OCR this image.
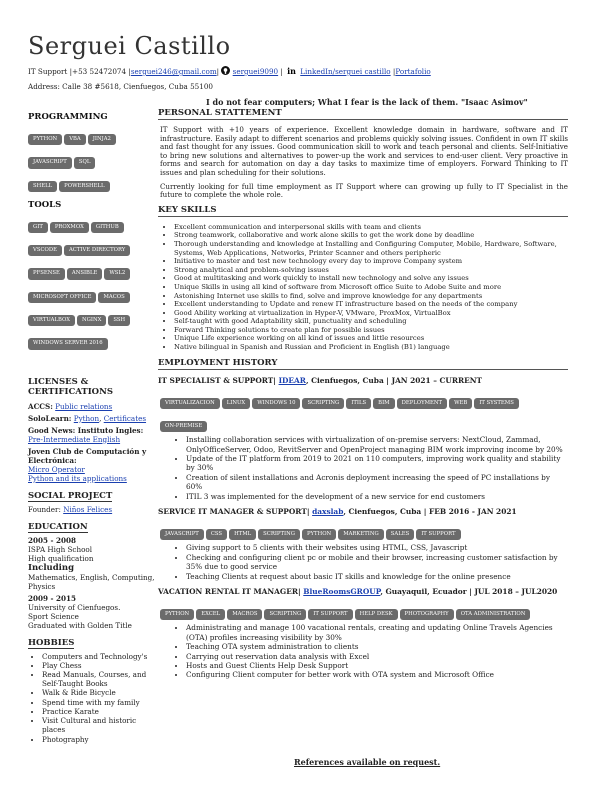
Serguei Castillo
IT Support |+53 52472074 |serguei246@gmail.com|  serguei9090 | in LinkedIn/serguei castillo |Portafolio
Address: Calle 38 #5618, Cienfuegos, Cuba 55100
I do not fear computers; What I fear is the lack of them. "Isaac Asimov"
PROGRAMMING
PYTHON VBA JINJA2
JAVASCRIPT SQL
SHELL POWERSHELL
TOOLS
GIT PROXMOX GITHUB
VSCODE ACTIVE DIRECTORY
PFSENSE ANSIBLE WSL2
MICROSOFT OFFICE MACOS
VIRTUALBOX NGINX SSH
WINDOWS SERVER 2016
LICENSES & CERTIFICATIONS
ACCS: Public relations
SoloLearn: Python, Certificates
Good News: Instituto Ingles:
Pre-Intermediate English
Joven Club de Computación y Electrónica:
Micro Operator
Python and its applications
SOCIAL PROJECT
Founder: Niños Felices
EDUCATION
2005 - 2008
ISPA High School
High qualification
Including
Mathematics, English, Computing, Physics
2009 - 2015
University of Cienfuegos.
Sport Science
Graduated with Golden Title
HOBBIES
• Computers and Technology's
• Play Chess
• Read Manuals, Courses, and Self-Taught Books
• Walk & Ride Bicycle
• Spend time with my family
• Practice Karate
• Visit Cultural and historic places
• Photography
PERSONAL STATTEMENT

IT Support with +10 years of experience. Excellent knowledge domain in hardware, software and IT infrastructure. Easily adapt to different scenarios and problems quickly solving issues. Confident in own IT skills and fast thought for any issues. Good communication skill to work and teach personal and clients. Self-Initiative to bring new solutions and alternatives to power-up the work and services to end-user client. Very proactive in forms and search for automation on day a day tasks to maximize time of employers. Forward Thinking to IT issues and plan scheduling for their solutions.

Currently looking for full time employment as IT Support where can growing up fully to IT Specialist in the future to complete the whole role.

KEY SKILLS
• Excellent communication and interpersonal skills with team and clients
• Strong teamwork, collaborative and work alone skills to get the work done by deadline
• Thorough understanding and knowledge at Installing and Configuring Computer, Mobile, Hardware, Software, Systems, Web Applications, Networks, Printer Scanner and others peripheric
• Initiative to master and test new technology every day to improve Company system
• Strong analytical and problem-solving issues
• Good at multitasking and work quickly to install new technology and solve any issues
• Unique Skills in using all kind of software from Microsoft office Suite to Adobe Suite and more
• Astonishing Internet use skills to find, solve and improve knowledge for any departments
• Excellent understanding to Update and renew IT infrastructure based on the needs of the company
• Good Ability working at virtualization in Hyper-V, VMware, ProxMox, VirtualBox
• Self-taught with good Adaptability skill, punctuality and scheduling
• Forward Thinking solutions to create plan for possible issues
• Unique Life experience working on all kind of issues and little resources
• Native bilingual in Spanish and Russian and Proficient in English (B1) language
EMPLOYMENT HISTORY
IT SPECIALIST & SUPPORT| IDEAR, Cienfuegos, Cuba | JAN 2021 – CURRENT
VIRTUALIZACION LINUX WINDOWS 10 SCRIPTING ITILS BIM DEPLOYMENT WEB IT SYSTEMSON-PREMISE
• Installing collaboration services with virtualization of on-premise servers: NextCloud, Zammad, OnlyOfficeServer, Odoo, RevitServer and OpenProject managing BIM work improving income by 20%
• Update of the IT platform from 2019 to 2021 on 110 computers, improving work quality and stability by 30%
• Creation of silent installations and Acronis deployment increasing the speed of PC installations by 60%
• ITIL 3 was implemented for the development of a new service for end customers
SERVICE IT MANAGER & SUPPORT| daxslab, Cienfuegos, Cuba | FEB 2016 - JAN 2021
JAVASCRIPT CSS HTML SCRIPTING PYTHON MARKETING SALES IT SUPPORT
• Giving support to 5 clients with their websites using HTML, CSS, Javascript
• Checking and configuring client pc or mobile and their browser, increasing customer satisfaction by 35% due to good service
• Teaching Clients at request about basic IT skills and knowledge for the online presence
VACATION RENTAL IT MANAGER| BlueRoomsGROUP, Guayaquil, Ecuador | JUL 2018 – JUL2020
PYTHON EXCEL MACROS SCRIPTING IT SUPPORT HELP DESK PHOTOGRAPHY OTA ADMINISTRATION
• Administrating and manage 100 vacational rentals, creating and updating Online Travels Agencies (OTA) profiles increasing visibility by 30%
• Teaching OTA system administration to clients
• Carrying out reservation data analysis with Excel
• Hosts and Guest Clients Help Desk Support
• Configuring Client computer for better work with OTA system and Microsoft Office
References available on request.
